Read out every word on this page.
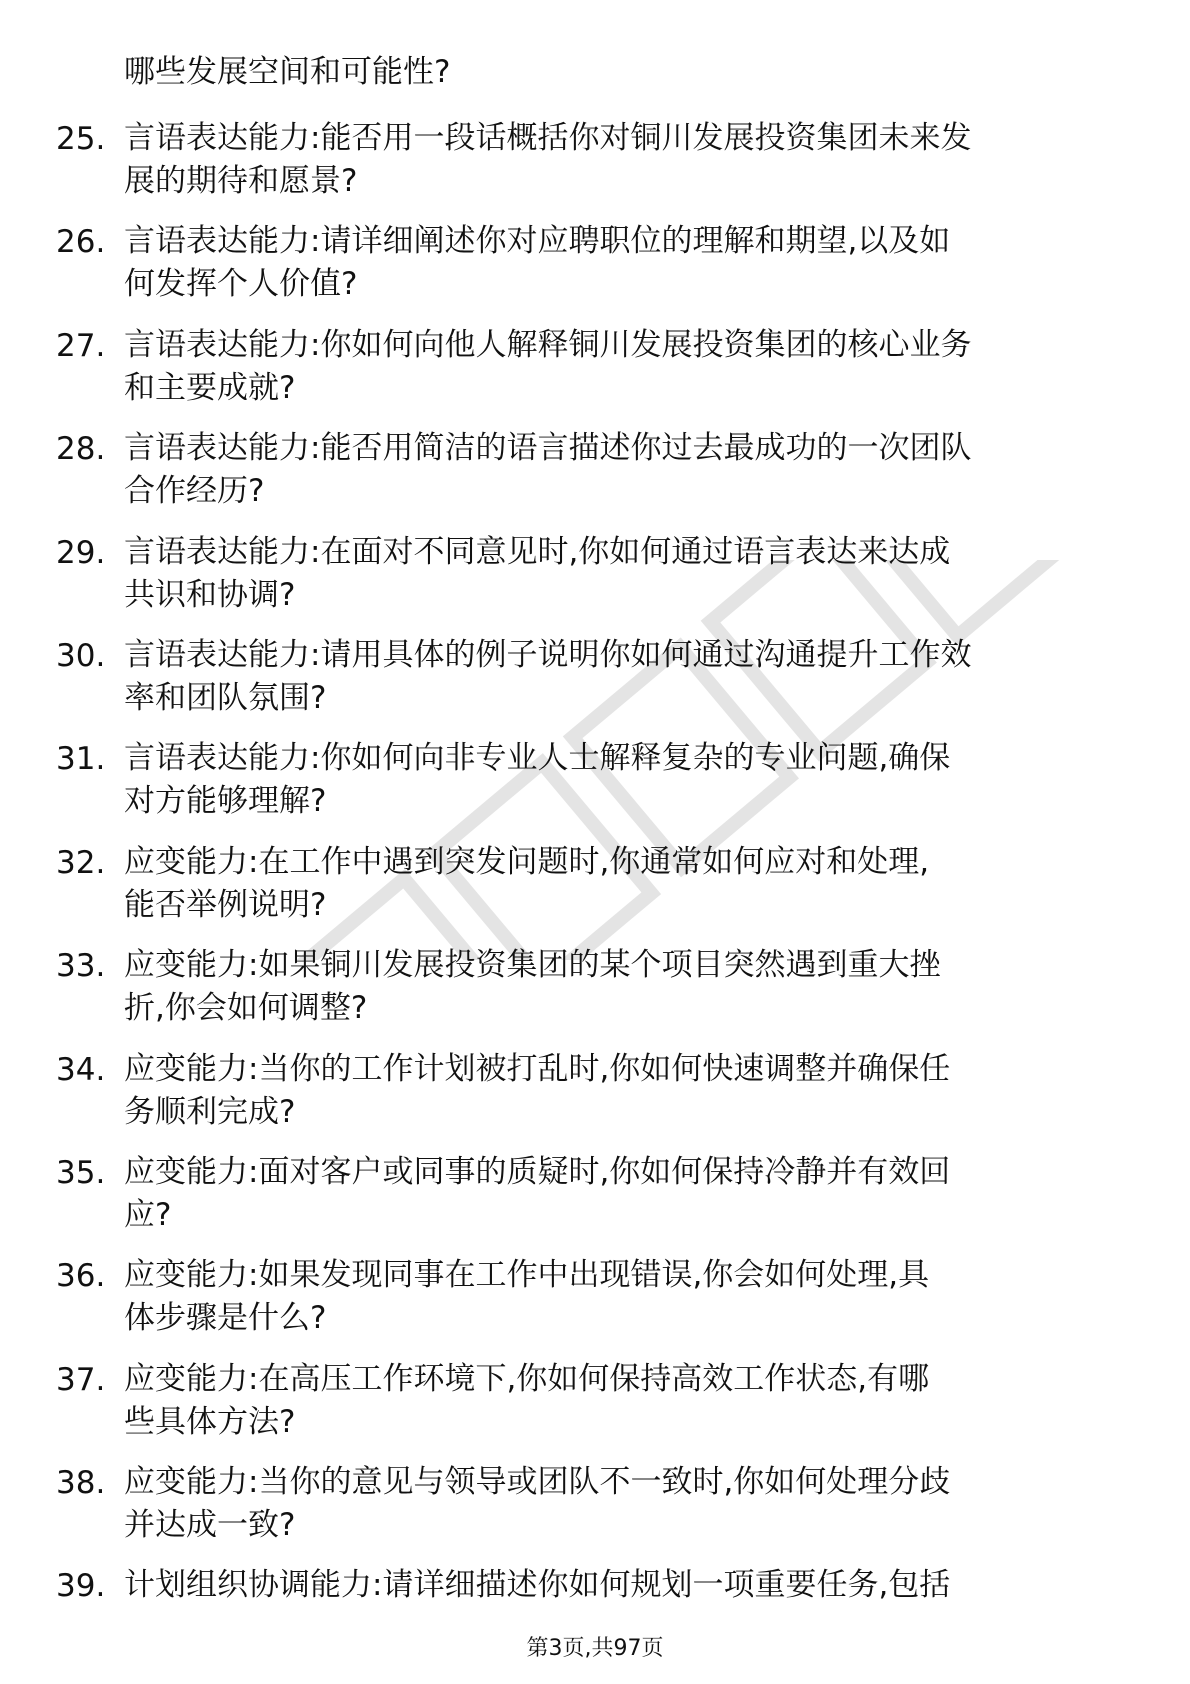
哪些发展空间和可能性?

25. 言语表达能力:能否用一段话概括你对铜川发展投资集团未来发
展的期待和愿景?
26. 言语表达能力:请详细阐述你对应聘职位的理解和期望,以及如
何发挥个人价值?
27. 言语表达能力:你如何向他人解释铜川发展投资集团的核心业务
和主要成就?
28. 言语表达能力:能否用简洁的语言描述你过去最成功的一次团队
合作经历?
29. 言语表达能力:在面对不同意见时,你如何通过语言表达来达成
共识和协调?
30. 言语表达能力:请用具体的例子说明你如何通过沟通提升工作效
率和团队氛围?
31. 言语表达能力:你如何向非专业人士解释复杂的专业问题,确保
对方能够理解?
32. 应变能力:在工作中遇到突发问题时,你通常如何应对和处理,
能否举例说明?
33. 应变能力:如果铜川发展投资集团的某个项目突然遇到重大挫
折,你会如何调整?
34. 应变能力:当你的工作计划被打乱时,你如何快速调整并确保任
务顺利完成?
35. 应变能力:面对客户或同事的质疑时,你如何保持冷静并有效回
应?
36. 应变能力:如果发现同事在工作中出现错误,你会如何处理,具
体步骤是什么?
37. 应变能力:在高压工作环境下,你如何保持高效工作状态,有哪
些具体方法?
38. 应变能力:当你的意见与领导或团队不一致时,你如何处理分歧
并达成一致?
39. 计划组织协调能力:请详细描述你如何规划一项重要任务,包括
第3页,共97页
